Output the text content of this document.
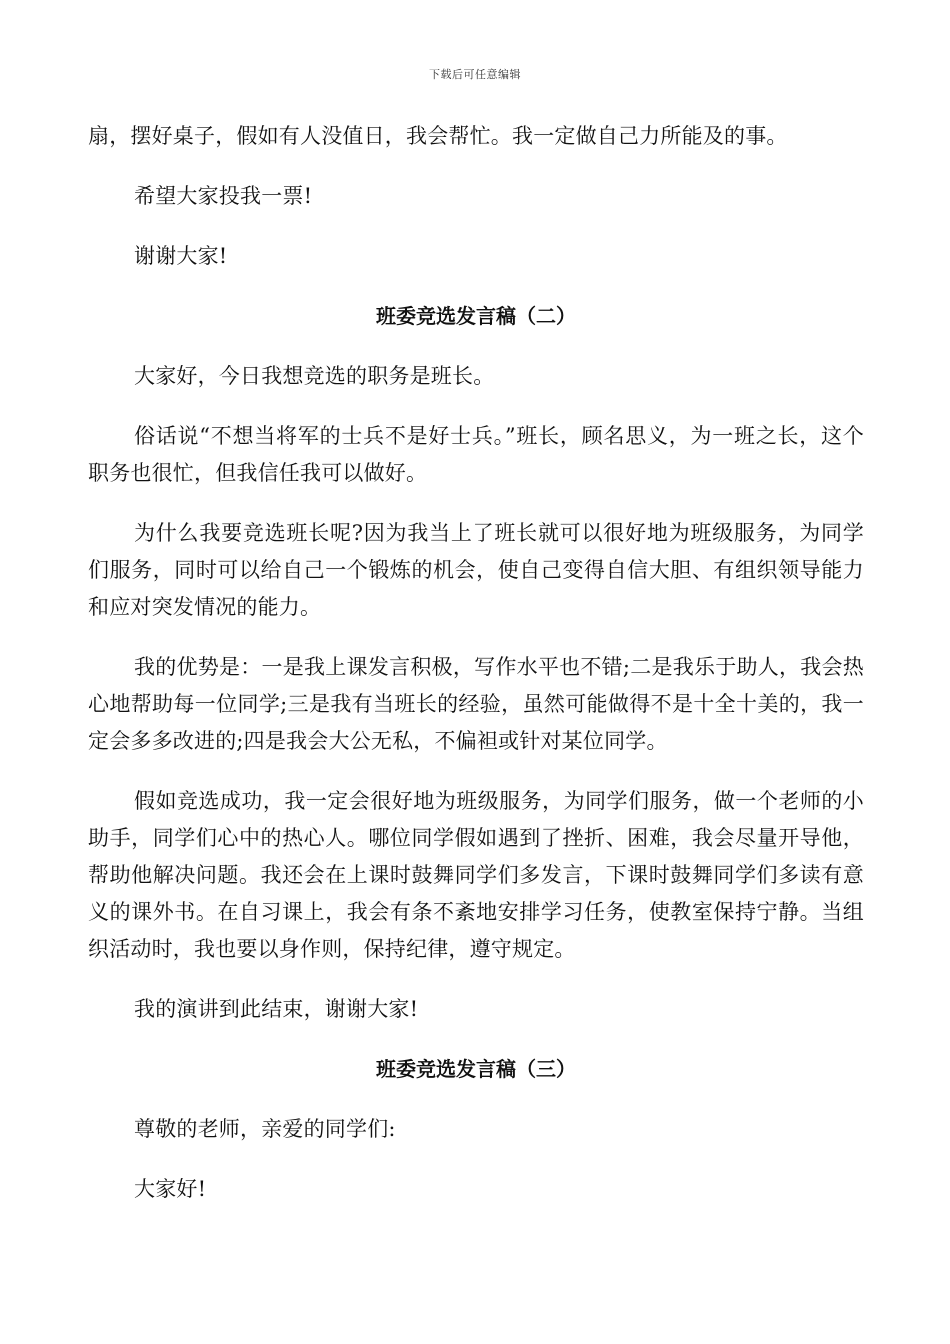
下载后可任意编辑

扇，摆好桌子，假如有人没值日，我会帮忙。我一定做自己力所能及的事。

希望大家投我一票!

谢谢大家!

班委竞选发言稿（二）

大家好，今日我想竞选的职务是班长。

俗话说“不想当将军的士兵不是好士兵。”班长，顾名思义，为一班之长，这个职务也很忙，但我信任我可以做好。

为什么我要竞选班长呢?因为我当上了班长就可以很好地为班级服务，为同学们服务，同时可以给自己一个锻炼的机会，使自己变得自信大胆、有组织领导能力和应对突发情况的能力。

我的优势是：一是我上课发言积极，写作水平也不错;二是我乐于助人，我会热心地帮助每一位同学;三是我有当班长的经验，虽然可能做得不是十全十美的，我一定会多多改进的;四是我会大公无私，不偏袒或针对某位同学。

假如竞选成功，我一定会很好地为班级服务，为同学们服务，做一个老师的小助手，同学们心中的热心人。哪位同学假如遇到了挫折、困难，我会尽量开导他，帮助他解决问题。我还会在上课时鼓舞同学们多发言，下课时鼓舞同学们多读有意义的课外书。在自习课上，我会有条不紊地安排学习任务，使教室保持宁静。当组织活动时，我也要以身作则，保持纪律，遵守规定。

我的演讲到此结束，谢谢大家!

班委竞选发言稿（三）

尊敬的老师，亲爱的同学们:

大家好!
